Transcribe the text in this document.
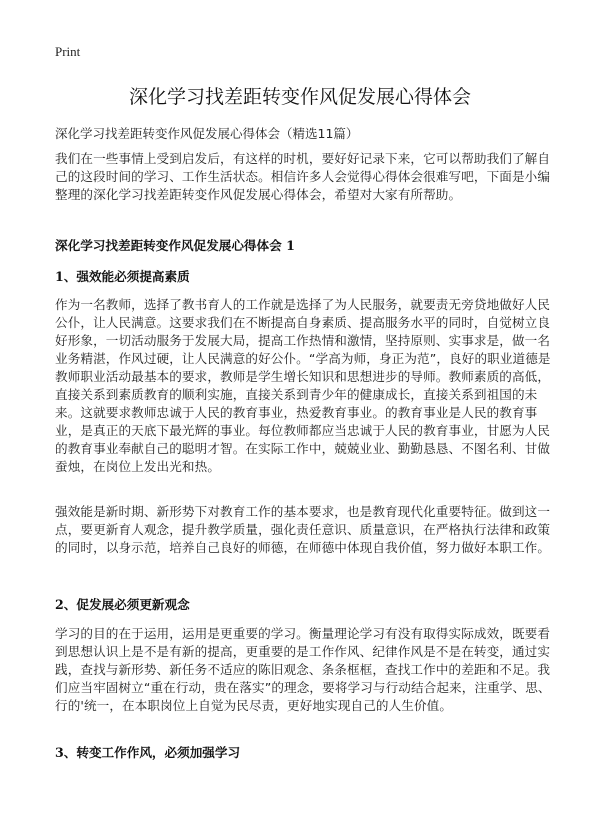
Print
深化学习找差距转变作风促发展心得体会
深化学习找差距转变作风促发展心得体会（精选11篇）

我们在一些事情上受到启发后，有这样的时机，要好好记录下来，它可以帮助我们了解自己的这段时间的学习、工作生活状态。相信许多人会觉得心得体会很难写吧，下面是小编整理的深化学习找差距转变作风促发展心得体会，希望对大家有所帮助。

深化学习找差距转变作风促发展心得体会 1
1、强效能必须提高素质

作为一名教师，选择了教书育人的工作就是选择了为人民服务，就要责无旁贷地做好人民公仆，让人民满意。这要求我们在不断提高自身素质、提高服务水平的同时，自觉树立良好形象，一切活动服务于发展大局，提高工作热情和激情，坚持原则、实事求是，做一名业务精湛，作风过硬，让人民满意的好公仆。“学高为师，身正为范”，良好的职业道德是教师职业活动最基本的要求，教师是学生增长知识和思想进步的导师。教师素质的高低，直接关系到素质教育的顺利实施，直接关系到青少年的健康成长，直接关系到祖国的未来。这就要求教师忠诚于人民的教育事业，热爱教育事业。的教育事业是人民的教育事业，是真正的天底下最光辉的事业。每位教师都应当忠诚于人民的教育事业，甘愿为人民的教育事业奉献自己的聪明才智。在实际工作中，兢兢业业、勤勤恳恳、不图名利、甘做蚕烛，在岗位上发出光和热。

强效能是新时期、新形势下对教育工作的基本要求，也是教育现代化重要特征。做到这一点，要更新育人观念，提升教学质量，强化责任意识、质量意识，在严格执行法律和政策的同时，以身示范，培养自己良好的师德，在师德中体现自我价值，努力做好本职工作。

2、促发展必须更新观念

学习的目的在于运用，运用是更重要的学习。衡量理论学习有没有取得实际成效，既要看到思想认识上是不是有新的提高，更重要的是工作作风、纪律作风是不是在转变，通过实践，查找与新形势、新任务不适应的陈旧观念、条条框框，查找工作中的差距和不足。我们应当牢固树立“重在行动，贵在落实”的理念，要将学习与行动结合起来，注重学、思、行的'统一，在本职岗位上自觉为民尽责，更好地实现自己的人生价值。

3、转变工作作风，必须加强学习
